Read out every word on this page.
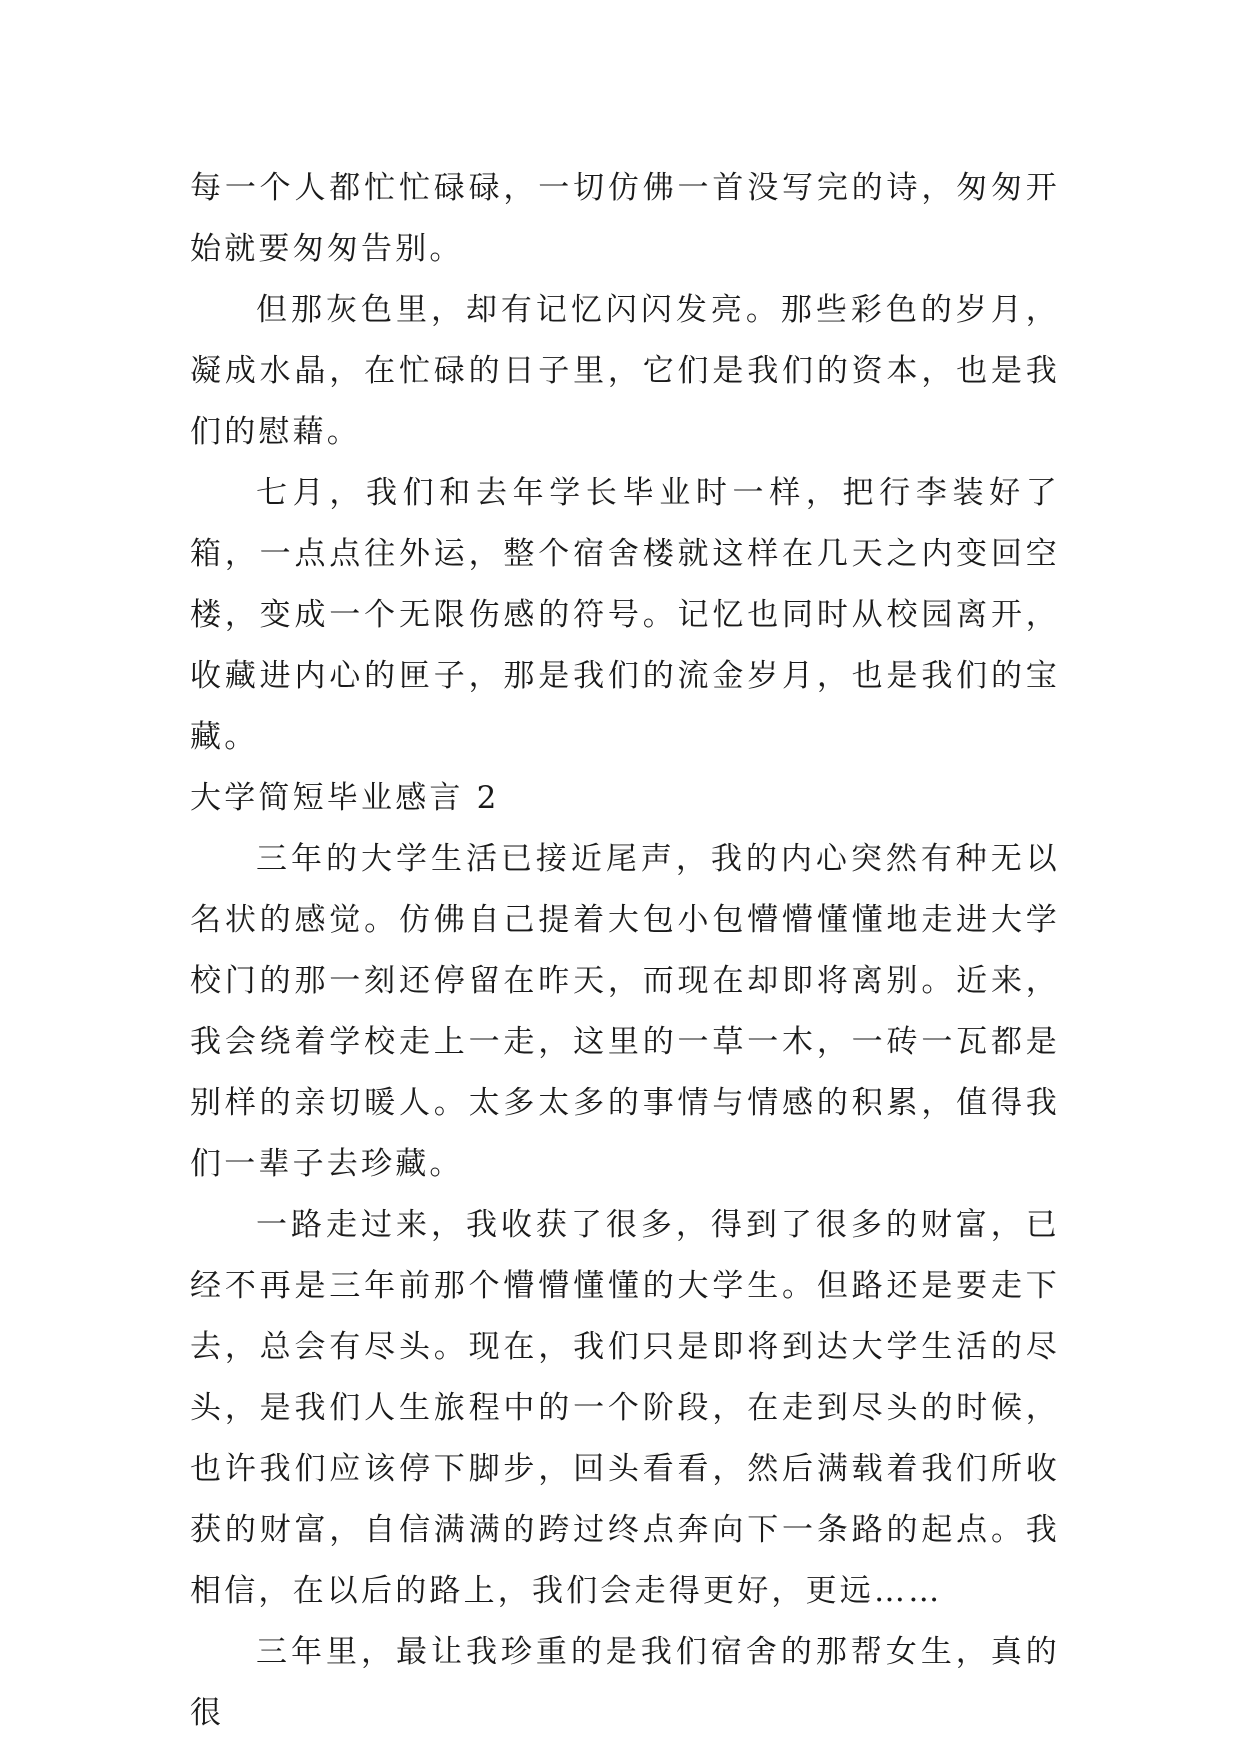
每一个人都忙忙碌碌，一切仿佛一首没写完的诗，匆匆开始就要匆匆告别。

但那灰色里，却有记忆闪闪发亮。那些彩色的岁月，凝成水晶，在忙碌的日子里，它们是我们的资本，也是我们的慰藉。

七月，我们和去年学长毕业时一样，把行李装好了箱，一点点往外运，整个宿舍楼就这样在几天之内变回空楼，变成一个无限伤感的符号。记忆也同时从校园离开，收藏进内心的匣子，那是我们的流金岁月，也是我们的宝藏。

大学简短毕业感言 2

三年的大学生活已接近尾声，我的内心突然有种无以名状的感觉。仿佛自己提着大包小包懵懵懂懂地走进大学校门的那一刻还停留在昨天，而现在却即将离别。近来，我会绕着学校走上一走，这里的一草一木，一砖一瓦都是别样的亲切暖人。太多太多的事情与情感的积累，值得我们一辈子去珍藏。

一路走过来，我收获了很多，得到了很多的财富，已经不再是三年前那个懵懵懂懂的大学生。但路还是要走下去，总会有尽头。现在，我们只是即将到达大学生活的尽头，是我们人生旅程中的一个阶段，在走到尽头的时候，也许我们应该停下脚步，回头看看，然后满载着我们所收获的财富，自信满满的跨过终点奔向下一条路的起点。我相信，在以后的路上，我们会走得更好，更远……

三年里，最让我珍重的是我们宿舍的那帮女生，真的很
